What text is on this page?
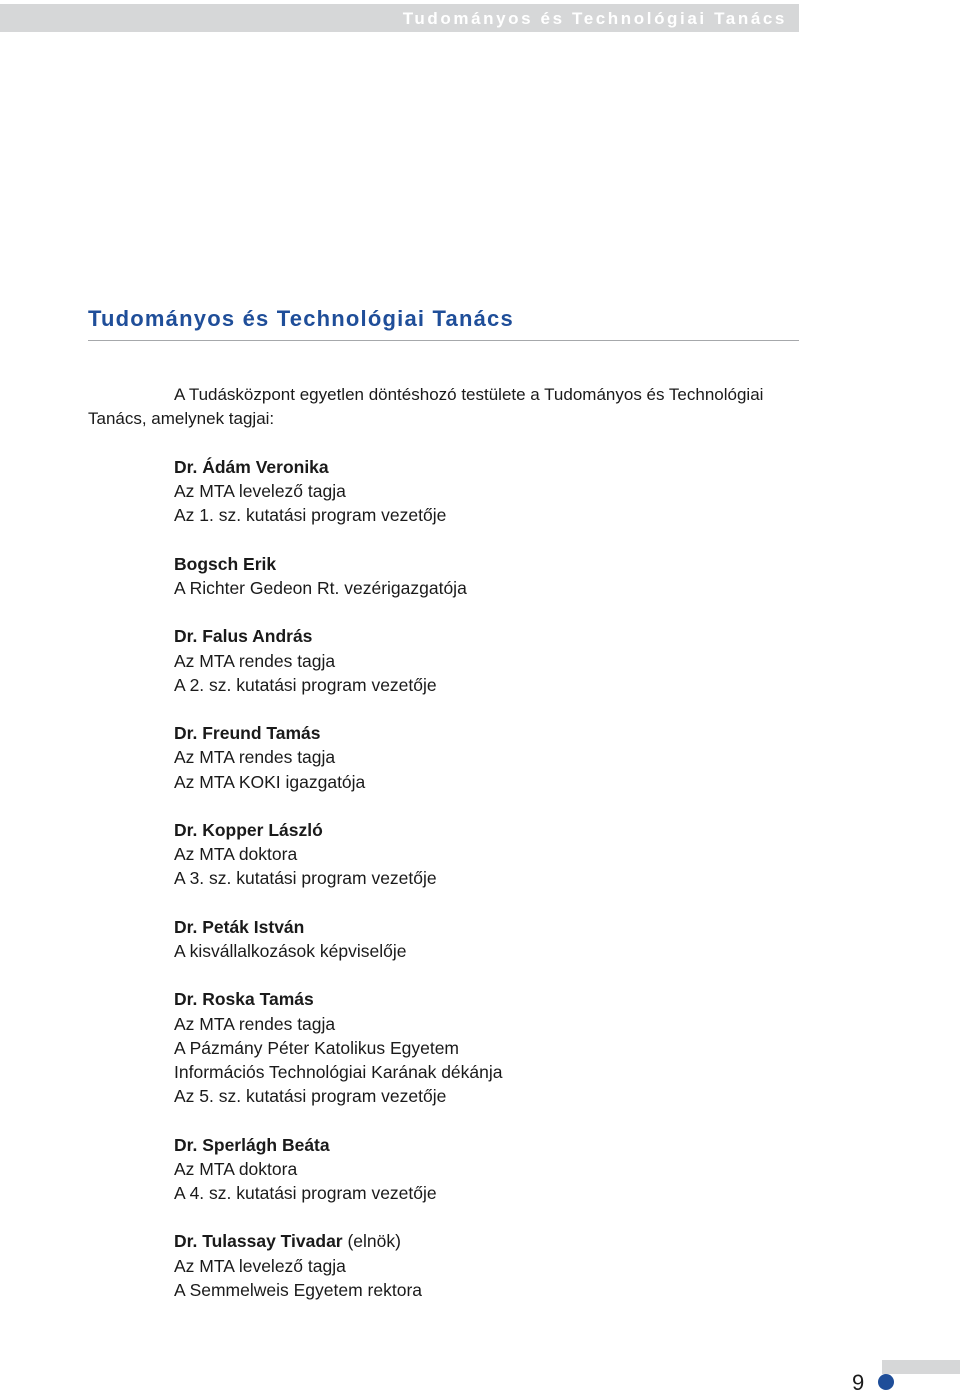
Tudományos és Technológiai Tanács
Tudományos és Technológiai Tanács

A Tudásközpont egyetlen döntéshozó testülete a Tudományos és Technológiai
Tanács, amelynek tagjai:

Dr. Ádám Veronika
Az MTA levelező tagja
Az 1. sz. kutatási program vezetője
Bogsch Erik
A Richter Gedeon Rt. vezérigazgatója
Dr. Falus András
Az MTA rendes tagja
A 2. sz. kutatási program vezetője
Dr. Freund Tamás
Az MTA rendes tagja
Az MTA KOKI igazgatója
Dr. Kopper László
Az MTA doktora
A 3. sz. kutatási program vezetője
Dr. Peták István
A kisvállalkozások képviselője
Dr. Roska Tamás
Az MTA rendes tagja
A Pázmány Péter Katolikus Egyetem
Információs Technológiai Karának dékánja
Az 5. sz. kutatási program vezetője
Dr. Sperlágh Beáta
Az MTA doktora
A 4. sz. kutatási program vezetője
Dr. Tulassay Tivadar (elnök)
Az MTA levelező tagja
A Semmelweis Egyetem rektora
9
